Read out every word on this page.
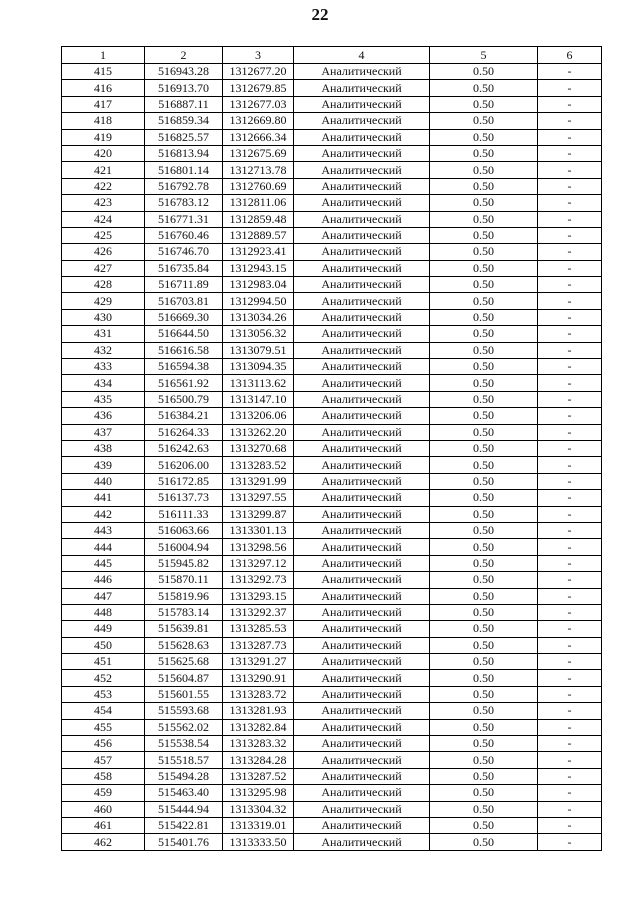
22
1	2	3	4	5	6
415	516943.28	1312677.20	Аналитический	0.50	-
416	516913.70	1312679.85	Аналитический	0.50	-
417	516887.11	1312677.03	Аналитический	0.50	-
418	516859.34	1312669.80	Аналитический	0.50	-
419	516825.57	1312666.34	Аналитический	0.50	-
420	516813.94	1312675.69	Аналитический	0.50	-
421	516801.14	1312713.78	Аналитический	0.50	-
422	516792.78	1312760.69	Аналитический	0.50	-
423	516783.12	1312811.06	Аналитический	0.50	-
424	516771.31	1312859.48	Аналитический	0.50	-
425	516760.46	1312889.57	Аналитический	0.50	-
426	516746.70	1312923.41	Аналитический	0.50	-
427	516735.84	1312943.15	Аналитический	0.50	-
428	516711.89	1312983.04	Аналитический	0.50	-
429	516703.81	1312994.50	Аналитический	0.50	-
430	516669.30	1313034.26	Аналитический	0.50	-
431	516644.50	1313056.32	Аналитический	0.50	-
432	516616.58	1313079.51	Аналитический	0.50	-
433	516594.38	1313094.35	Аналитический	0.50	-
434	516561.92	1313113.62	Аналитический	0.50	-
435	516500.79	1313147.10	Аналитический	0.50	-
436	516384.21	1313206.06	Аналитический	0.50	-
437	516264.33	1313262.20	Аналитический	0.50	-
438	516242.63	1313270.68	Аналитический	0.50	-
439	516206.00	1313283.52	Аналитический	0.50	-
440	516172.85	1313291.99	Аналитический	0.50	-
441	516137.73	1313297.55	Аналитический	0.50	-
442	516111.33	1313299.87	Аналитический	0.50	-
443	516063.66	1313301.13	Аналитический	0.50	-
444	516004.94	1313298.56	Аналитический	0.50	-
445	515945.82	1313297.12	Аналитический	0.50	-
446	515870.11	1313292.73	Аналитический	0.50	-
447	515819.96	1313293.15	Аналитический	0.50	-
448	515783.14	1313292.37	Аналитический	0.50	-
449	515639.81	1313285.53	Аналитический	0.50	-
450	515628.63	1313287.73	Аналитический	0.50	-
451	515625.68	1313291.27	Аналитический	0.50	-
452	515604.87	1313290.91	Аналитический	0.50	-
453	515601.55	1313283.72	Аналитический	0.50	-
454	515593.68	1313281.93	Аналитический	0.50	-
455	515562.02	1313282.84	Аналитический	0.50	-
456	515538.54	1313283.32	Аналитический	0.50	-
457	515518.57	1313284.28	Аналитический	0.50	-
458	515494.28	1313287.52	Аналитический	0.50	-
459	515463.40	1313295.98	Аналитический	0.50	-
460	515444.94	1313304.32	Аналитический	0.50	-
461	515422.81	1313319.01	Аналитический	0.50	-
462	515401.76	1313333.50	Аналитический	0.50	-
